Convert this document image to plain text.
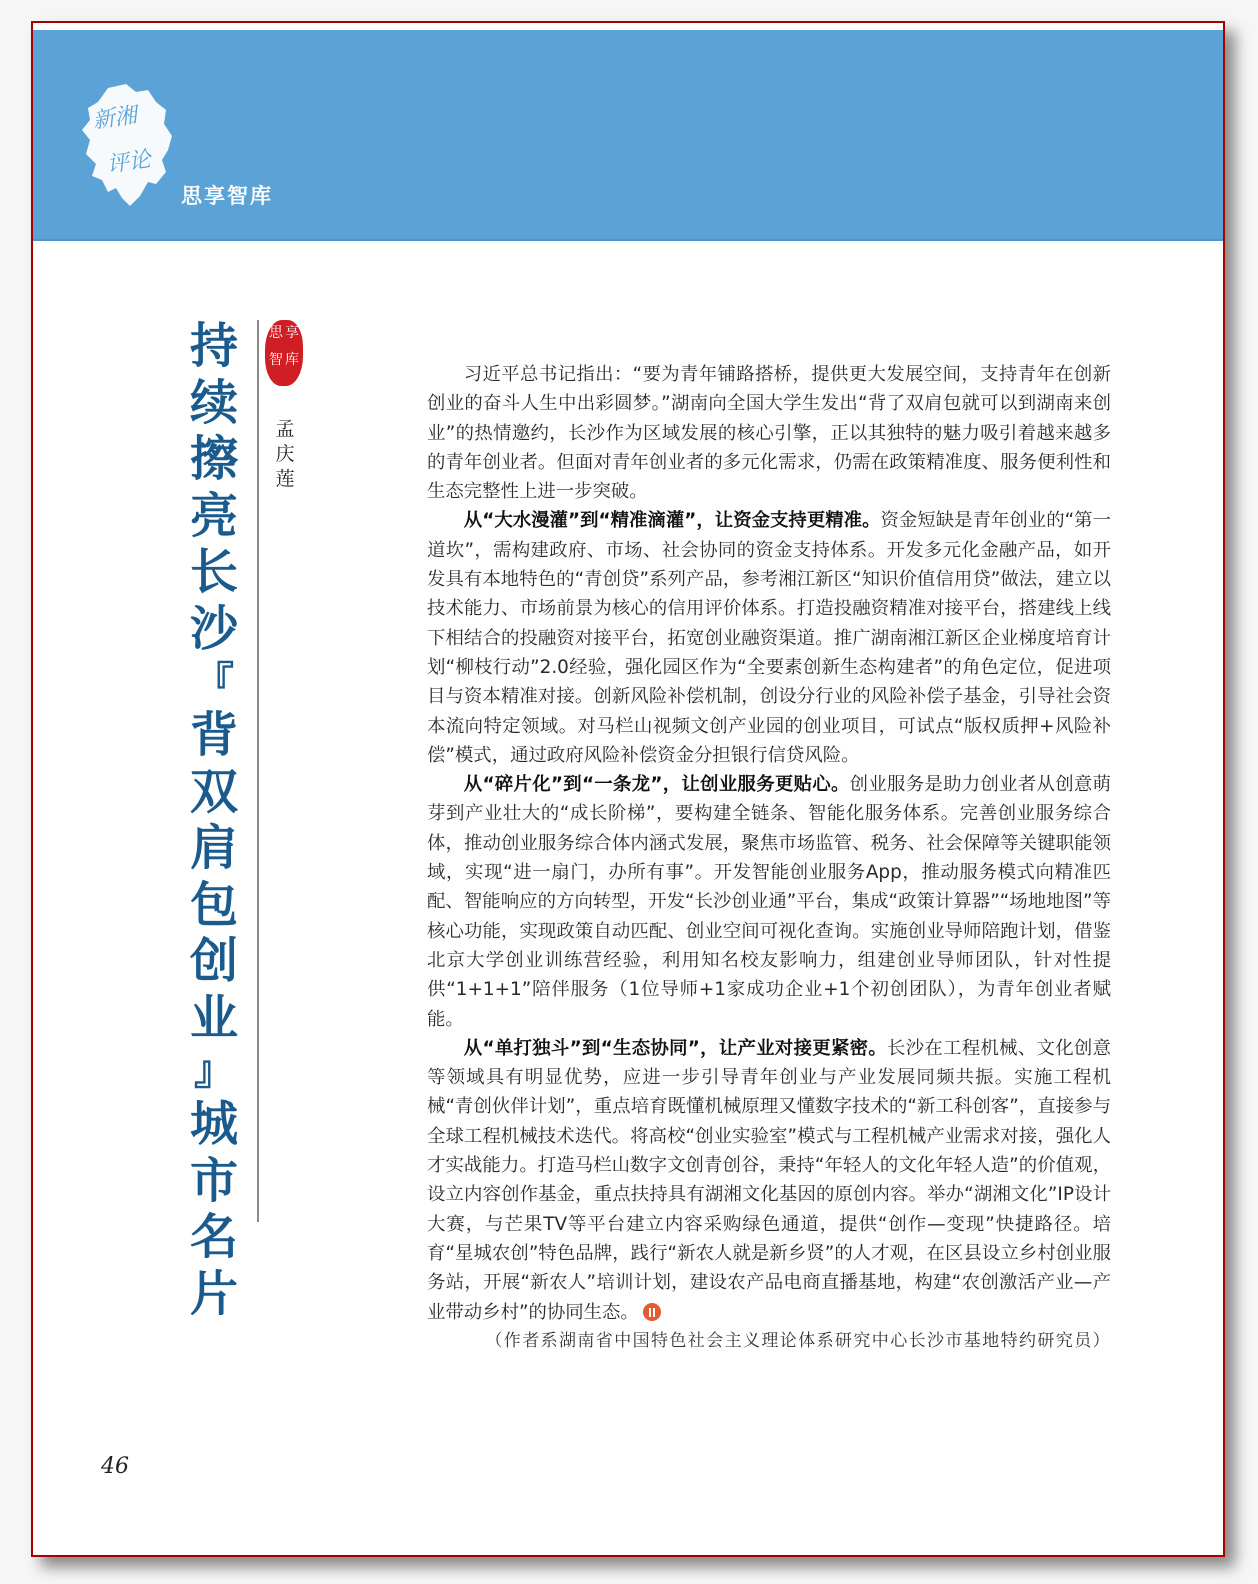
新湘
评论
思享智库
持
续
擦
亮
长
沙
『
背
双
肩
包
创
业
』
城
市
名
片
思 享
智 库
孟
庆
莲

习近平总书记指出：“要为青年铺路搭桥，提供更大发展空间，支持青年在创新创业的奋斗人生中出彩圆梦。”湖南向全国大学生发出“背了双肩包就可以到湖南来创业”的热情邀约，长沙作为区域发展的核心引擎，正以其独特的魅力吸引着越来越多的青年创业者。但面对青年创业者的多元化需求，仍需在政策精准度、服务便利性和生态完整性上进一步突破。

从“大水漫灌”到“精准滴灌”，让资金支持更精准。资金短缺是青年创业的“第一道坎”，需构建政府、市场、社会协同的资金支持体系。开发多元化金融产品，如开发具有本地特色的“青创贷”系列产品，参考湘江新区“知识价值信用贷”做法，建立以技术能力、市场前景为核心的信用评价体系。打造投融资精准对接平台，搭建线上线下相结合的投融资对接平台，拓宽创业融资渠道。推广湖南湘江新区企业梯度培育计划“柳枝行动”2.0经验，强化园区作为“全要素创新生态构建者”的角色定位，促进项目与资本精准对接。创新风险补偿机制，创设分行业的风险补偿子基金，引导社会资本流向特定领域。对马栏山视频文创产业园的创业项目，可试点“版权质押+风险补偿”模式，通过政府风险补偿资金分担银行信贷风险。

从“碎片化”到“一条龙”，让创业服务更贴心。创业服务是助力创业者从创意萌芽到产业壮大的“成长阶梯”，要构建全链条、智能化服务体系。完善创业服务综合体，推动创业服务综合体内涵式发展，聚焦市场监管、税务、社会保障等关键职能领域，实现“进一扇门，办所有事”。开发智能创业服务App，推动服务模式向精准匹配、智能响应的方向转型，开发“长沙创业通”平台，集成“政策计算器”“场地地图”等核心功能，实现政策自动匹配、创业空间可视化查询。实施创业导师陪跑计划，借鉴北京大学创业训练营经验，利用知名校友影响力，组建创业导师团队，针对性提供“1+1+1”陪伴服务（1位导师+1家成功企业+1个初创团队），为青年创业者赋能。

从“单打独斗”到“生态协同”，让产业对接更紧密。长沙在工程机械、文化创意等领域具有明显优势，应进一步引导青年创业与产业发展同频共振。实施工程机械“青创伙伴计划”，重点培育既懂机械原理又懂数字技术的“新工科创客”，直接参与全球工程机械技术迭代。将高校“创业实验室”模式与工程机械产业需求对接，强化人才实战能力。打造马栏山数字文创青创谷，秉持“年轻人的文化年轻人造”的价值观，设立内容创作基金，重点扶持具有湖湘文化基因的原创内容。举办“湖湘文化”IP设计大赛，与芒果TV等平台建立内容采购绿色通道，提供“创作—变现”快捷路径。培育“星城农创”特色品牌，践行“新农人就是新乡贤”的人才观，在区县设立乡村创业服务站，开展“新农人”培训计划，建设农产品电商直播基地，构建“农创激活产业—产业带动乡村”的协同生态。

（作者系湖南省中国特色社会主义理论体系研究中心长沙市基地特约研究员）

46
